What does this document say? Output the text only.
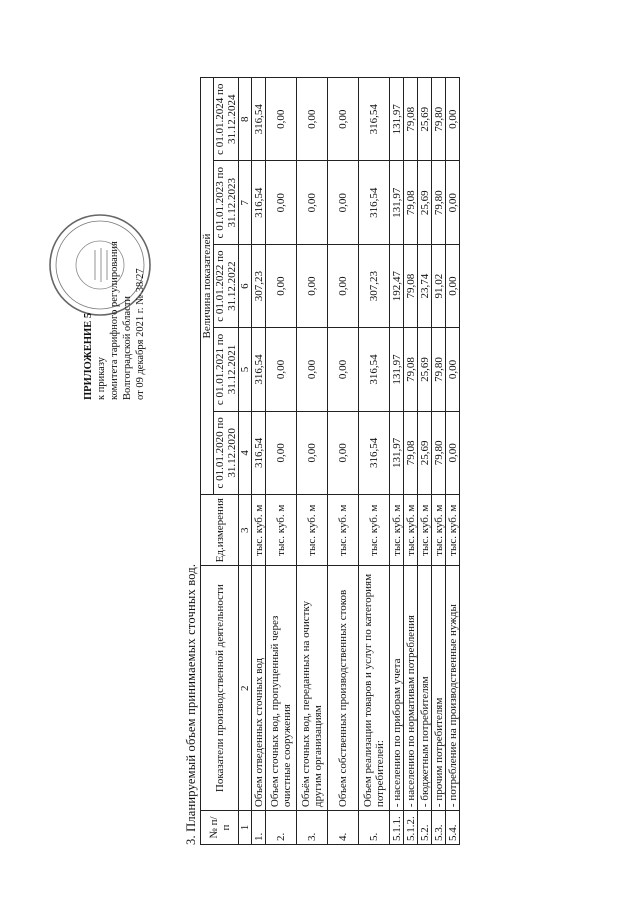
ПРИЛОЖЕНИЕ 5 к приказу комитета тарифного регулирования Волгоградской области от 09 декабря 2021 г. № 38/27
3. Планируемый объем принимаемых сточных вод. № п/п	Показатели производственной деятельности	Ед.измерения	Величина показателей				
			с 01.01.2020 по 31.12.2020	с 01.01.2021 по 31.12.2021	с 01.01.2022 по 31.12.2022	с 01.01.2023 по 31.12.2023	с 01.01.2024 по 31.12.2024
1	2	3	4	5	6	7	8
1.	Объем отведенных сточных вод	тыс. куб. м	316,54	316,54	307,23	316,54	316,54
2.	Объем сточных вод, пропущенный через очистные сооружения	тыс. куб. м	0,00	0,00	0,00	0,00	0,00
3.	Объём сточных вод, переданных на очистку другим организациям	тыс. куб. м	0,00	0,00	0,00	0,00	0,00
4.	Объем собственных производственных стоков	тыс. куб. м	0,00	0,00	0,00	0,00	0,00
5.	Объем реализации товаров и услуг по категориям потребителей:	тыс. куб. м	316,54	316,54	307,23	316,54	316,54
5.1.1.	- населению по приборам учета	тыс. куб. м	131,97	131,97	192,47	131,97	131,97
5.1.2.	- населению по нормативам потребления	тыс. куб. м	79,08	79,08	79,08	79,08	79,08
5.2.	- бюджетным потребителям	тыс. куб. м	25,69	25,69	23,74	25,69	25,69
5.3.	- прочим потребителям	тыс. куб. м	79,80	79,80	91,02	79,80	79,80
5.4.	- потребление на производственные нужды	тыс. куб. м	0,00	0,00	0,00	0,00	0,00
